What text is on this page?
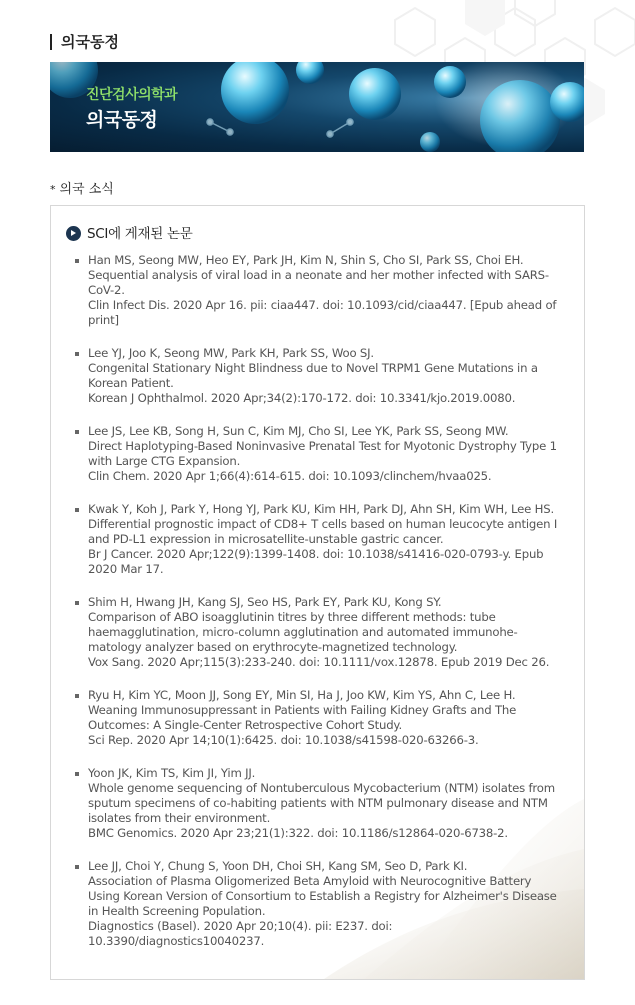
의국동정
진단검사의학과
의국동정
* 의국 소식
SCI에 게재된 논문
Han MS, Seong MW, Heo EY, Park JH, Kim N, Shin S, Cho SI, Park SS, Choi EH.
Sequential analysis of viral load in a neonate and her mother infected with SARS-CoV-2.
Clin Infect Dis. 2020 Apr 16. pii: ciaa447. doi: 10.1093/cid/ciaa447. [Epub ahead of print]
Lee YJ, Joo K, Seong MW, Park KH, Park SS, Woo SJ.
Congenital Stationary Night Blindness due to Novel TRPM1 Gene Mutations in a Korean Patient.
Korean J Ophthalmol. 2020 Apr;34(2):170-172. doi: 10.3341/kjo.2019.0080.
Lee JS, Lee KB, Song H, Sun C, Kim MJ, Cho SI, Lee YK, Park SS, Seong MW.
Direct Haplotyping-Based Noninvasive Prenatal Test for Myotonic Dystrophy Type 1 with Large CTG Expansion.
Clin Chem. 2020 Apr 1;66(4):614-615. doi: 10.1093/clinchem/hvaa025.
Kwak Y, Koh J, Park Y, Hong YJ, Park KU, Kim HH, Park DJ, Ahn SH, Kim WH, Lee HS.
Differential prognostic impact of CD8+ T cells based on human leucocyte antigen I and PD-L1 expression in microsatellite-unstable gastric cancer.
Br J Cancer. 2020 Apr;122(9):1399-1408. doi: 10.1038/s41416-020-0793-y. Epub 2020 Mar 17.
Shim H, Hwang JH, Kang SJ, Seo HS, Park EY, Park KU, Kong SY.
Comparison of ABO isoagglutinin titres by three different methods: tube haemagglutination, micro-column agglutination and automated immunohe-matology analyzer based on erythrocyte-magnetized technology.
Vox Sang. 2020 Apr;115(3):233-240. doi: 10.1111/vox.12878. Epub 2019 Dec 26.
Ryu H, Kim YC, Moon JJ, Song EY, Min SI, Ha J, Joo KW, Kim YS, Ahn C, Lee H.
Weaning Immunosuppressant in Patients with Failing Kidney Grafts and The Outcomes: A Single-Center Retrospective Cohort Study.
Sci Rep. 2020 Apr 14;10(1):6425. doi: 10.1038/s41598-020-63266-3.
Yoon JK, Kim TS, Kim JI, Yim JJ.
Whole genome sequencing of Nontuberculous Mycobacterium (NTM) isolates from sputum specimens of co-habiting patients with NTM pulmonary disease and NTM isolates from their environment.
BMC Genomics. 2020 Apr 23;21(1):322. doi: 10.1186/s12864-020-6738-2.
Lee JJ, Choi Y, Chung S, Yoon DH, Choi SH, Kang SM, Seo D, Park KI.
Association of Plasma Oligomerized Beta Amyloid with Neurocognitive Battery Using Korean Version of Consortium to Establish a Registry for Alzheimer's Disease in Health Screening Population.
Diagnostics (Basel). 2020 Apr 20;10(4). pii: E237. doi: 10.3390/diagnostics10040237.
